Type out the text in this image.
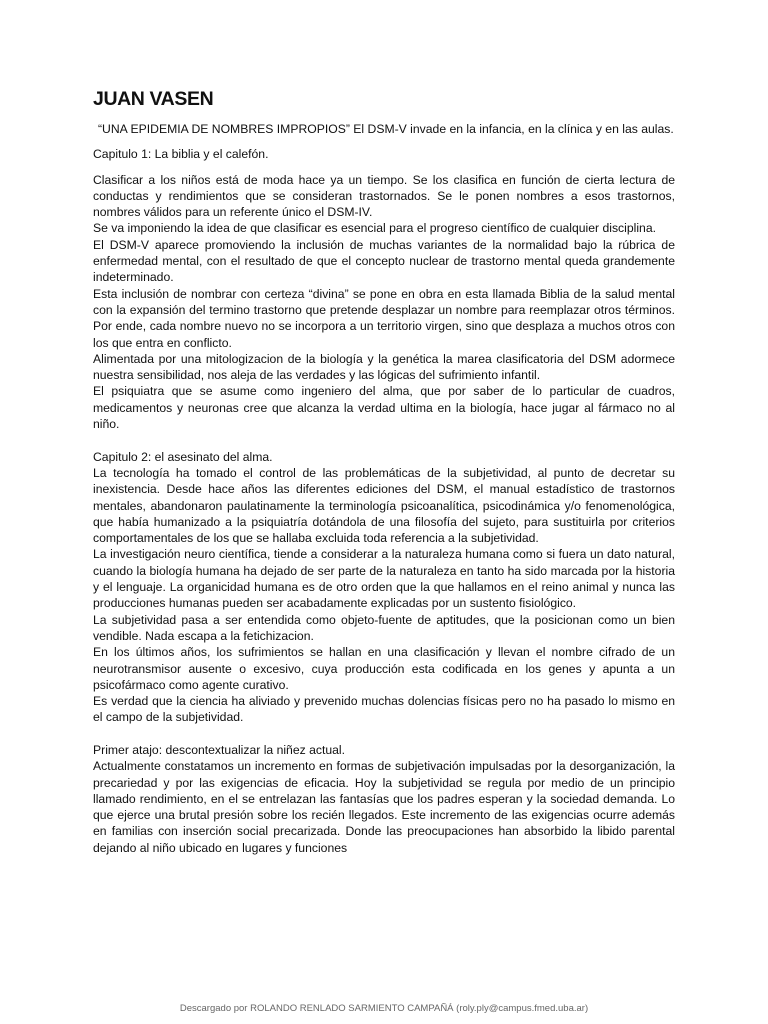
JUAN VASEN

“UNA EPIDEMIA DE NOMBRES IMPROPIOS” El DSM-V invade en la infancia, en la clínica y en las aulas.

Capitulo 1: La biblia y el calefón.

Clasificar a los niños está de moda hace ya un tiempo. Se los clasifica en función de cierta lectura de conductas y rendimientos que se consideran trastornados. Se le ponen nombres a esos trastornos, nombres válidos para un referente único el DSM-IV.

Se va imponiendo la idea de que clasificar es esencial para el progreso científico de cualquier disciplina.

El DSM-V aparece promoviendo la inclusión de muchas variantes de la normalidad bajo la rúbrica de enfermedad mental, con el resultado de que el concepto nuclear de trastorno mental queda grandemente indeterminado.

Esta inclusión de nombrar con certeza “divina” se pone en obra en esta llamada Biblia de la salud mental con la expansión del termino trastorno que pretende desplazar un nombre para reemplazar otros términos. Por ende, cada nombre nuevo no se incorpora a un territorio virgen, sino que desplaza a muchos otros con los que entra en conflicto.

Alimentada por una mitologizacion de la biología y la genética la marea clasificatoria del DSM adormece nuestra sensibilidad, nos aleja de las verdades y las lógicas del sufrimiento infantil.

El psiquiatra que se asume como ingeniero del alma, que por saber de lo particular de cuadros, medicamentos y neuronas cree que alcanza la verdad ultima en la biología, hace jugar al fármaco no al niño.

Capitulo 2: el asesinato del alma.

La tecnología ha tomado el control de las problemáticas de la subjetividad, al punto de decretar su inexistencia. Desde hace años las diferentes ediciones del DSM, el manual estadístico de trastornos mentales, abandonaron paulatinamente la terminología psicoanalítica, psicodinámica y/o fenomenológica, que había humanizado a la psiquiatría dotándola de una filosofía del sujeto, para sustituirla por criterios comportamentales de los que se hallaba excluida toda referencia a la subjetividad.

La investigación neuro científica, tiende a considerar a la naturaleza humana como si fuera un dato natural, cuando la biología humana ha dejado de ser parte de la naturaleza en tanto ha sido marcada por la historia y el lenguaje. La organicidad humana es de otro orden que la que hallamos en el reino animal y nunca las producciones humanas pueden ser acabadamente explicadas por un sustento fisiológico.

La subjetividad pasa a ser entendida como objeto-fuente de aptitudes, que la posicionan como un bien vendible. Nada escapa a la fetichizacion.

En los últimos años, los sufrimientos se hallan en una clasificación y llevan el nombre cifrado de un neurotransmisor ausente o excesivo, cuya producción esta codificada en los genes y apunta a un psicofármaco como agente curativo.

Es verdad que la ciencia ha aliviado y prevenido muchas dolencias físicas pero no ha pasado lo mismo en el campo de la subjetividad.

Primer atajo: descontextualizar la niñez actual.

Actualmente constatamos un incremento en formas de subjetivación impulsadas por la desorganización, la precariedad y por las exigencias de eficacia. Hoy la subjetividad se regula por medio de un principio llamado rendimiento, en el se entrelazan las fantasías que los padres esperan y la sociedad demanda. Lo que ejerce una brutal presión sobre los recién llegados. Este incremento de las exigencias ocurre además en familias con inserción social precarizada. Donde las preocupaciones han absorbido la libido parental dejando al niño ubicado en lugares y funciones

Descargado por ROLANDO RENLADO SARMIENTO CAMPAÑÁ (roly.ply@campus.fmed.uba.ar)
